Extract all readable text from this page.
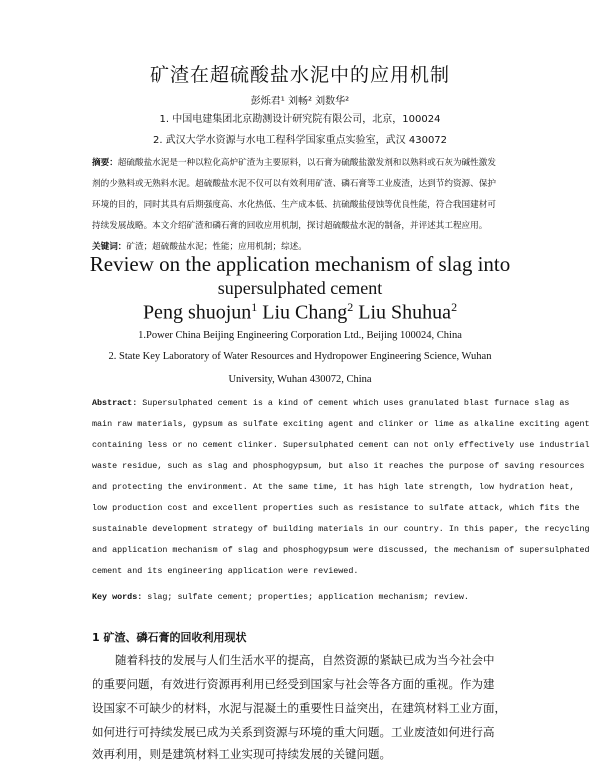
矿渣在超硫酸盐水泥中的应用机制
彭烁君¹ 刘畅² 刘数华²
1. 中国电建集团北京勘测设计研究院有限公司，北京，100024
2. 武汉大学水资源与水电工程科学国家重点实验室，武汉 430072
摘要：超硫酸盐水泥是一种以粒化高炉矿渣为主要原料，以石膏为硫酸盐激发剂和以熟料或石灰为碱性激发
剂的少熟料或无熟料水泥。超硫酸盐水泥不仅可以有效利用矿渣、磷石膏等工业废渣，达到节约资源、保护
环境的目的，同时其具有后期强度高、水化热低、生产成本低、抗硫酸盐侵蚀等优良性能，符合我国建材可
持续发展战略。本文介绍矿渣和磷石膏的回收应用机制，探讨超硫酸盐水泥的制备，并评述其工程应用。
关键词：矿渣；超硫酸盐水泥；性能；应用机制；综述。
Review on the application mechanism of slag into
supersulphated cement
Peng shuojun$^1$ Liu Chang$^2$ Liu Shuhua$^2$
1.Power China Beijing Engineering Corporation Ltd., Beijing 100024, China
2. State Key Laboratory of Water Resources and Hydropower Engineering Science, Wuhan
University, Wuhan 430072, China
Abstract: Supersulphated cement is a kind of cement which uses granulated blast furnace slag as
main raw materials, gypsum as sulfate exciting agent and clinker or lime as alkaline exciting agent
containing less or no cement clinker. Supersulphated cement can not only effectively use industrial
waste residue, such as slag and phosphogypsum, but also it reaches the purpose of saving resources
and protecting the environment. At the same time, it has high late strength, low hydration heat,
low production cost and excellent properties such as resistance to sulfate attack, which fits the
sustainable development strategy of building materials in our country. In this paper, the recycling
and application mechanism of slag and phosphogypsum were discussed, the mechanism of supersulphated
cement and its engineering application were reviewed.
Key words: slag; sulfate cement; properties; application mechanism; review.
1 矿渣、磷石膏的回收利用现状
随着科技的发展与人们生活水平的提高，自然资源的紧缺已成为当今社会中
的重要问题，有效进行资源再利用已经受到国家与社会等各方面的重视。作为建
设国家不可缺少的材料，水泥与混凝土的重要性日益突出，在建筑材料工业方面，
如何进行可持续发展已成为关系到资源与环境的重大问题。工业废渣如何进行高
效再利用，则是建筑材料工业实现可持续发展的关键问题。
